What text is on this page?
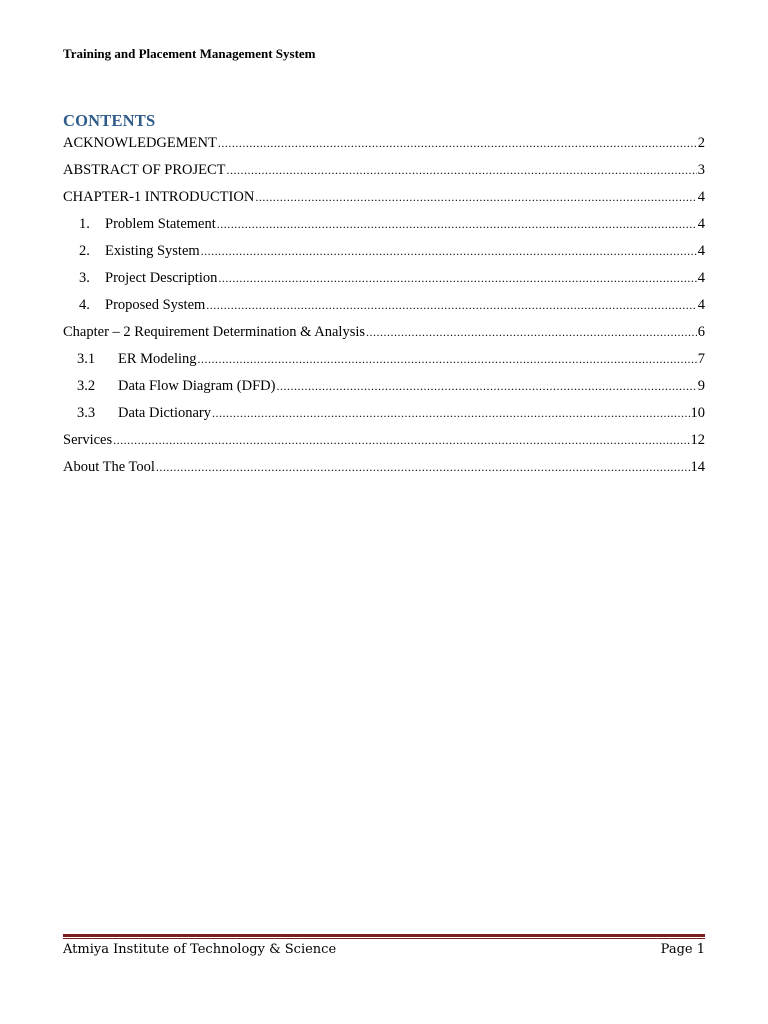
Training and Placement Management System
CONTENTS
ACKNOWLEDGEMENT .....	2
ABSTRACT OF PROJECT .....	3
CHAPTER-1 INTRODUCTION .....	4
1.	Problem Statement .....	4
2.	Existing System .....	4
3.	Project Description .....	4
4.	Proposed System .....	4
Chapter – 2 Requirement Determination & Analysis .....	6
3.1	ER Modeling .....	7
3.2	Data Flow Diagram (DFD) .....	9
3.3	Data Dictionary .....	10
Services .....	12
About The Tool .....	14
Atmiya Institute of Technology & Science	Page 1
